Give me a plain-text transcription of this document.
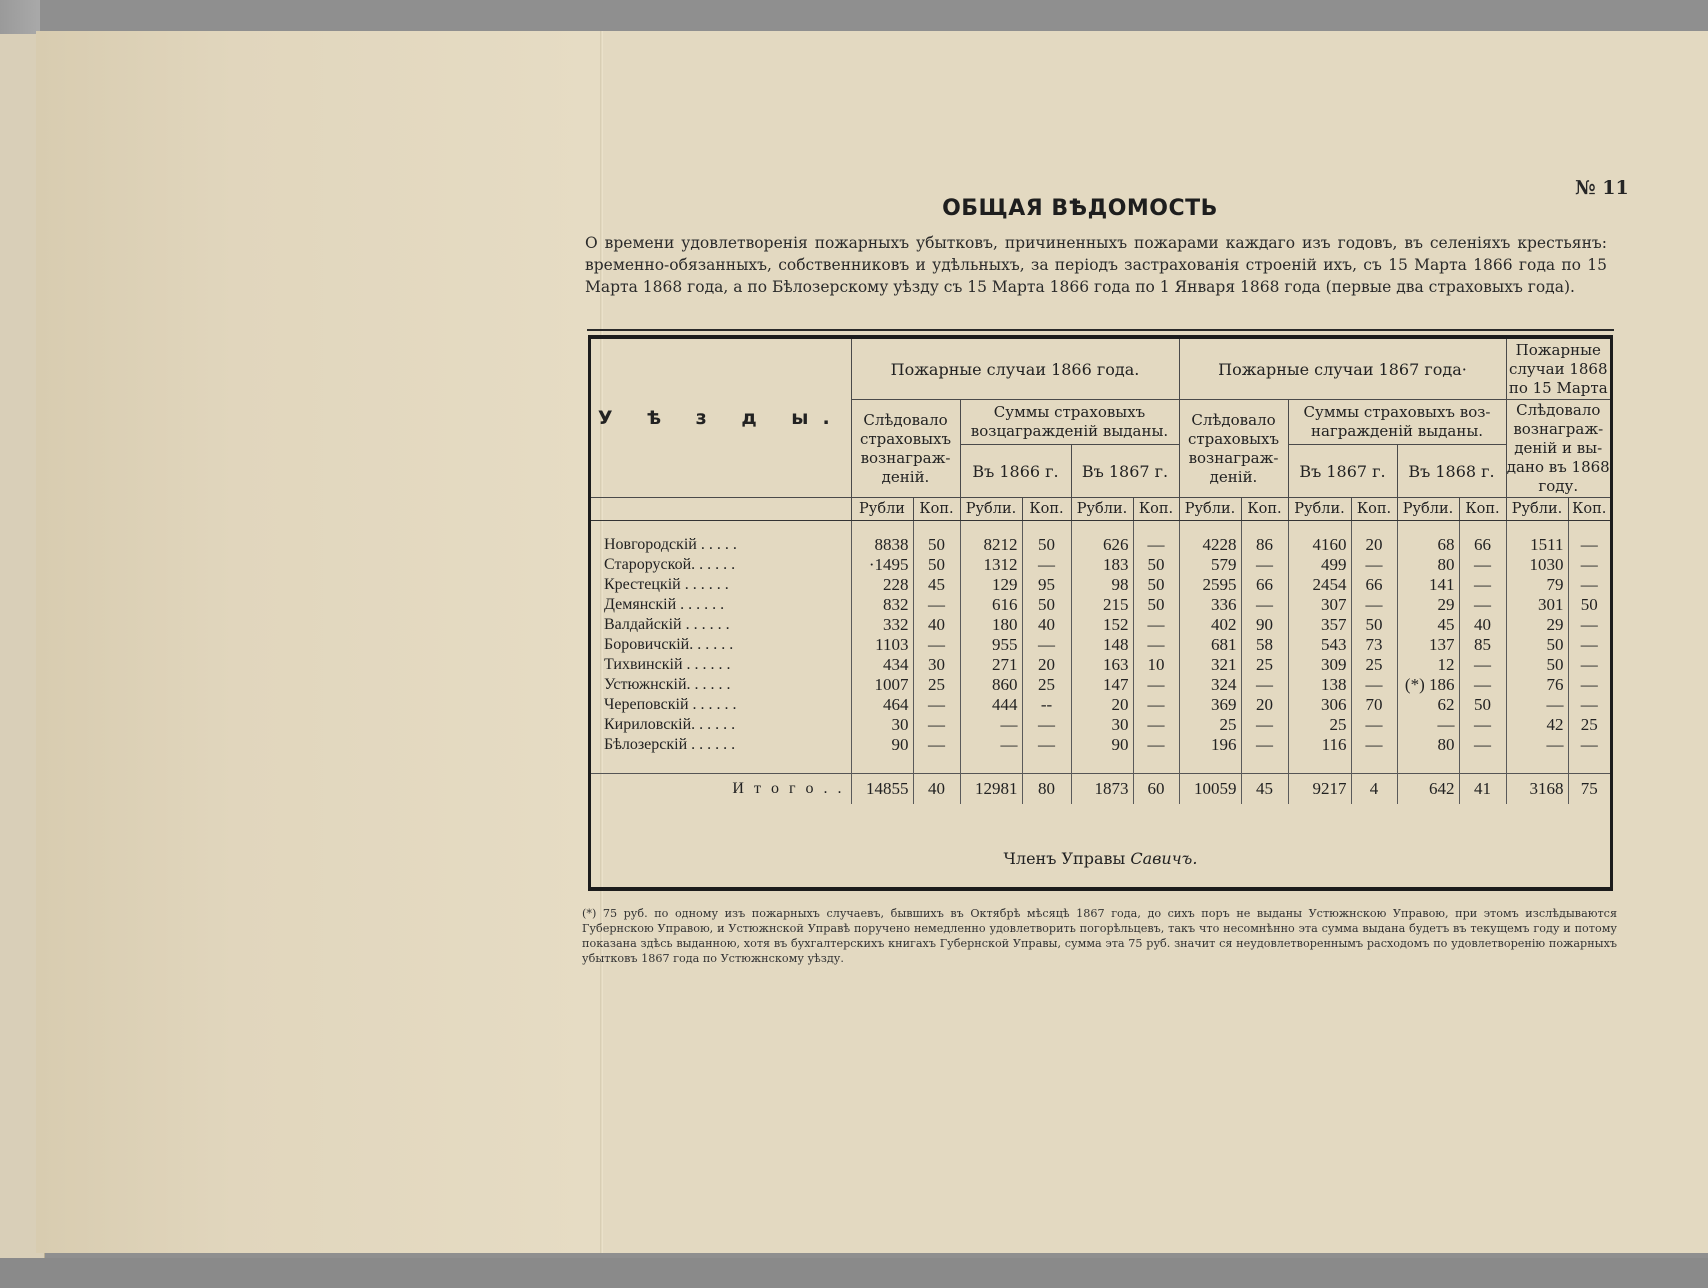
№ 11
ОБЩАЯ ВѢДОМОСТЬ
О времени удовлетворенія пожарныхъ убытковъ, причиненныхъ пожарами каждаго изъ годовъ, въ селеніяхъ крестьянъ: временно-обязанныхъ, собственниковъ и удѣльныхъ, за періодъ застрахованія строеній ихъ, съ 15 Марта 1866 года по 15 Марта 1868 года, а по Бѣлозерскому уѣзду съ 15 Марта 1866 года по 1 Января 1868 года (первые два страховыхъ года).
У ѣ з д ы.	Пожарные случаи 1866 года.						Пожарные случаи 1867 года·						Пожарные случаи 1868 по 15 Марта	
	Слѣдовало страховыхъ вознаграж-деній.		Суммы страховыхъ возцагражденій выданы.				Слѣдовало страховыхъ вознаграж-деній.		Суммы страховыхъ воз-награжденій выданы.				Слѣдовало вознаграж-деній и вы-дано въ 1868 году.	
			Въ 1866 г.		Въ 1867 г.				Въ 1867 г.		Въ 1868 г.			
	Рубли	Коп.	Рубли.	Коп.	Рубли.	Коп.	Рубли.	Коп.	Рубли.	Коп.	Рубли.	Коп.	Рубли.	Коп.

Новгородскій . . . . .	8838	50	8212	50	626	—	4228	86	4160	20	68	66	1511	—
Староруской. . . . . .	·1495	50	1312	—	183	50	579	—	499	—	80	—	1030	—
Крестецкій . . . . . .	228	45	129	95	98	50	2595	66	2454	66	141	—	79	—
Демянскій . . . . . .	832	—	616	50	215	50	336	—	307	—	29	—	301	50
Валдайскій . . . . . .	332	40	180	40	152	—	402	90	357	50	45	40	29	—
Боровичскій. . . . . .	1103	—	955	—	148	—	681	58	543	73	137	85	50	—
Тихвинскій . . . . . .	434	30	271	20	163	10	321	25	309	25	12	—	50	—
Устюжнскій. . . . . .	1007	25	860	25	147	—	324	—	138	—	(*) 186	—	76	—
Череповскій . . . . . .	464	—	444	--	20	—	369	20	306	70	62	50	—	—
Кириловскій. . . . . .	30	—	—	—	30	—	25	—	25	—	—	—	42	25
Бѣлозерскій . . . . . .	90	—	—	—	90	—	196	—	116	—	80	—	—	—

И т о г о . .	14855	40	12981	80	1873	60	10059	45	9217	4	642	41	3168	75
Членъ Управы Савичъ.
(*) 75 руб. по одному изъ пожарныхъ случаевъ, бывшихъ въ Октябрѣ мѣсяцѣ 1867 года, до сихъ поръ не выданы Устюжнскою Управою, при этомъ изслѣдываются Губернскою Управою, и Устюжнской Управѣ поручено немедленно удовлетворить погорѣльцевъ, такъ что несомнѣнно эта сумма выдана будетъ въ текущемъ году и потому показана здѣсь выданною, хотя въ бухгалтерскихъ книгахъ Губернской Управы, сумма эта 75 руб. значит ся неудовлетвореннымъ расходомъ по удовлетворенію пожарныхъ убытковъ 1867 года по Устюжнскому уѣзду.
